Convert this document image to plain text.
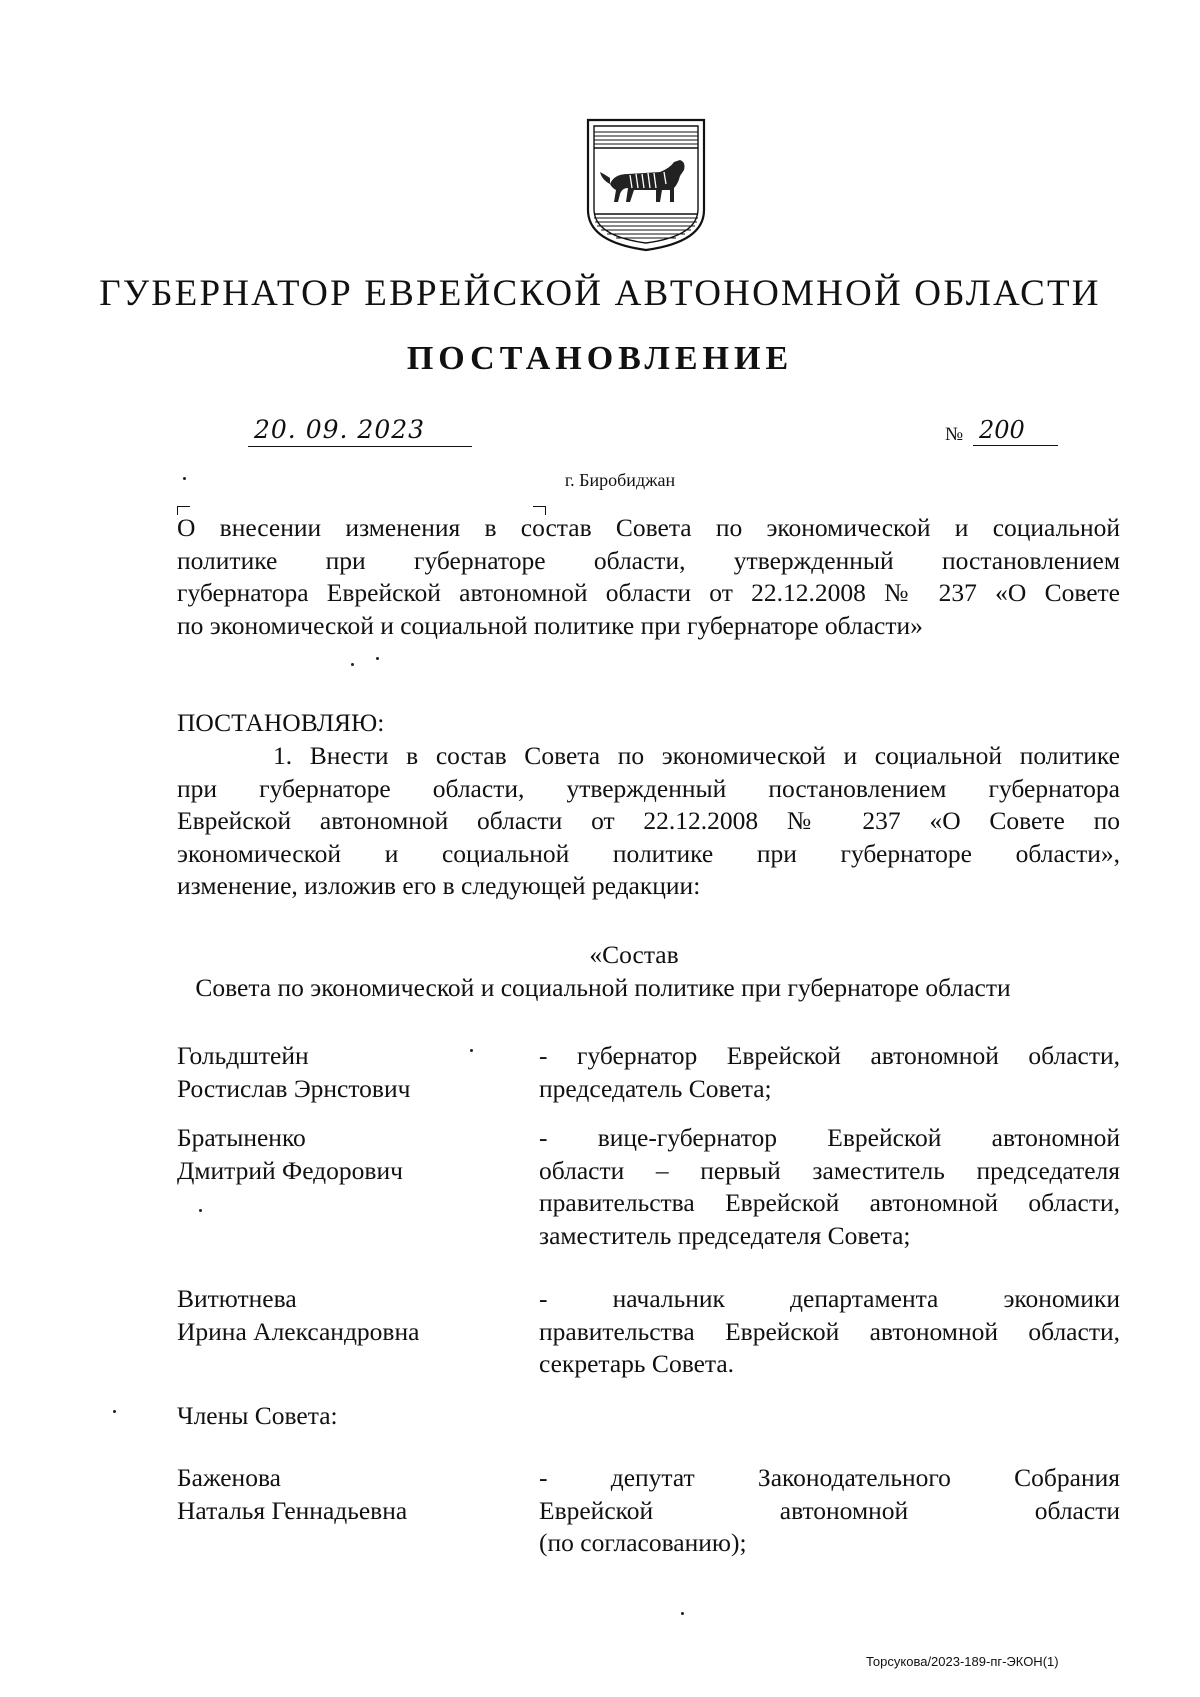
ГУБЕРНАТОР ЕВРЕЙСКОЙ АВТОНОМНОЙ ОБЛАСТИ
ПОСТАНОВЛЕНИЕ
20. 09. 2023	№ 200
г. Биробиджан
О внесении изменения в состав Совета по экономической и социальной
политике при губернаторе области, утвержденный постановлением
губернатора Еврейской автономной области от 22.12.2008 № 237 «О Совете
по экономической и социальной политике при губернаторе области»
ПОСТАНОВЛЯЮ:
1. Внести в состав Совета по экономической и социальной политике
при губернаторе области, утвержденный постановлением губернатора
Еврейской автономной области от 22.12.2008 № 237 «О Совете по
экономической и социальной политике при губернаторе области»,
изменение, изложив его в следующей редакции:
«Состав
Совета по экономической и социальной политике при губернаторе области
Гольдштейн
Ростислав Эрнстович
- губернатор Еврейской автономной области,
председатель Совета;
Братыненко
Дмитрий Федорович
- вице-губернатор Еврейской автономной
области – первый заместитель председателя
правительства Еврейской автономной области,
заместитель председателя Совета;
Витютнева
Ирина Александровна
- начальник департамента экономики
правительства Еврейской автономной области,
секретарь Совета.
Члены Совета:
Баженова
Наталья Геннадьевна
- депутат Законодательного Собрания
Еврейской автономной области
(по согласованию);
Торсукова/2023-189-пг-ЭКОН(1)
